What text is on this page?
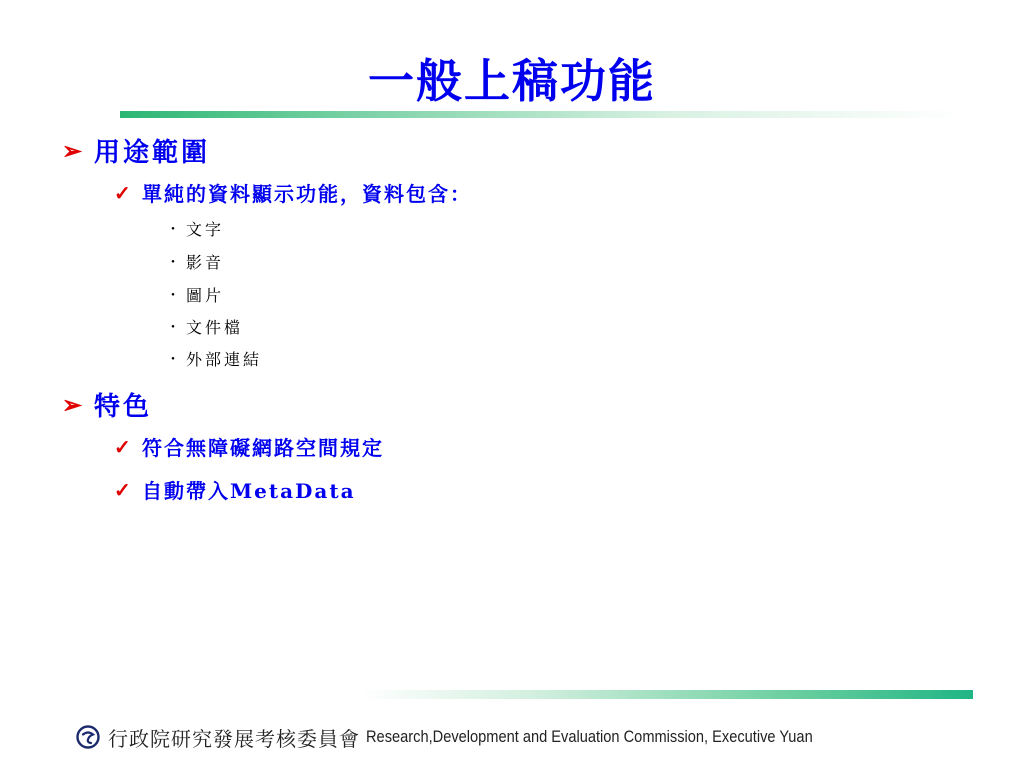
一般上稿功能
➢ 用途範圍
✓ 單純的資料顯示功能，資料包含：
・ 文字
・ 影音
・ 圖片
・ 文件檔
・ 外部連結
➢ 特色
✓ 符合無障礙網路空間規定
✓ 自動帶入MetaData
行政院研究發展考核委員會 Research,Development and Evaluation Commission, Executive Yuan
